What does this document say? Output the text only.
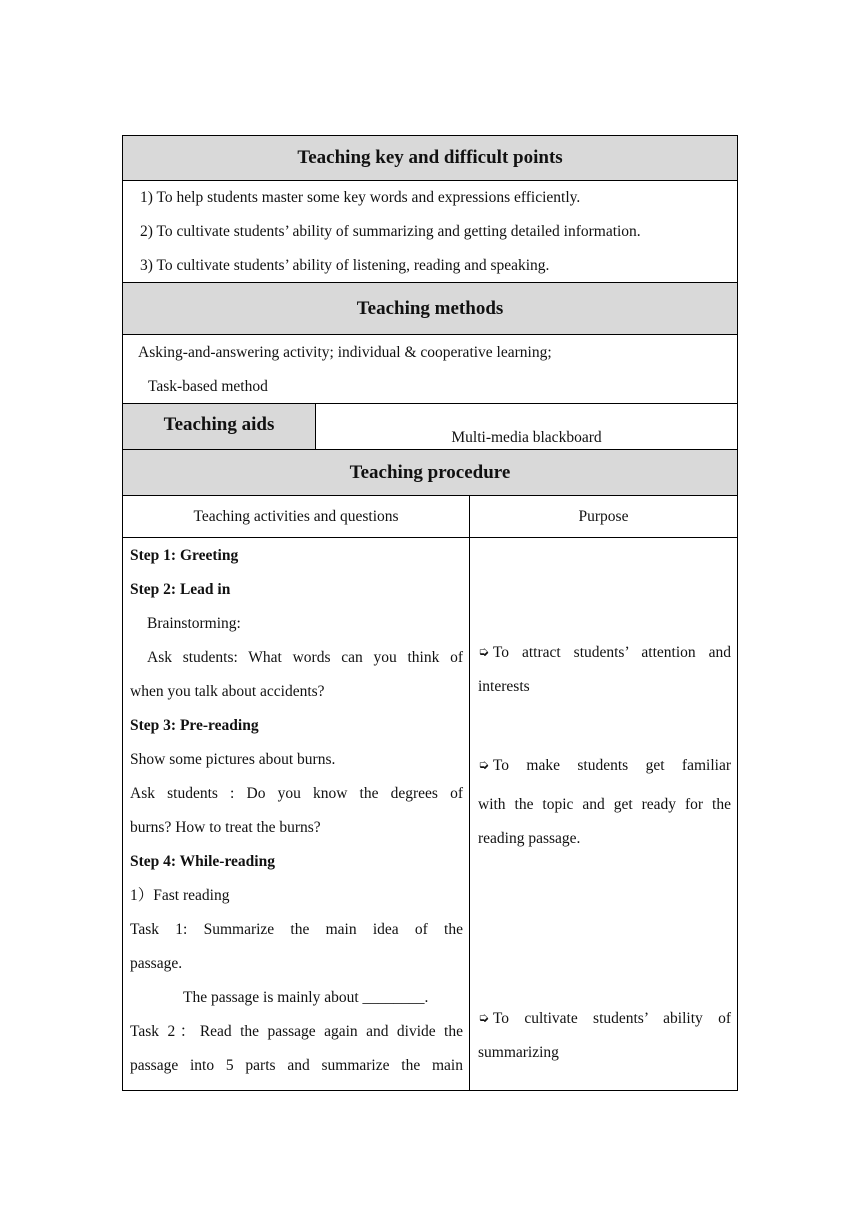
Teaching key and difficult points
1) To help students master some key words and expressions efficiently.
2) To cultivate students’ ability of summarizing and getting detailed information.
3) To cultivate students’ ability of listening, reading and speaking.
Teaching methods
Asking-and-answering activity; individual & cooperative learning;
Task-based method
Teaching aids
Multi-media blackboard
Teaching procedure
Teaching activities and questions	Purpose
Step 1: Greeting
Step 2: Lead in
Brainstorming:
Ask students: What words can you think of
when you talk about accidents?
Step 3: Pre-reading
Show some pictures about burns.
Ask students : Do you know the degrees of
burns? How to treat the burns?
Step 4: While-reading
1）Fast reading
Task 1: Summarize the main idea of the
passage.
The passage is mainly about ________.
Task 2：Read the passage again and divide the
passage into 5 parts and summarize the main
➭ To attract students’ attention and
interests
➭ To make students get familiar
with the topic and get ready for the
reading passage.
➭ To cultivate students’ ability of
summarizing
